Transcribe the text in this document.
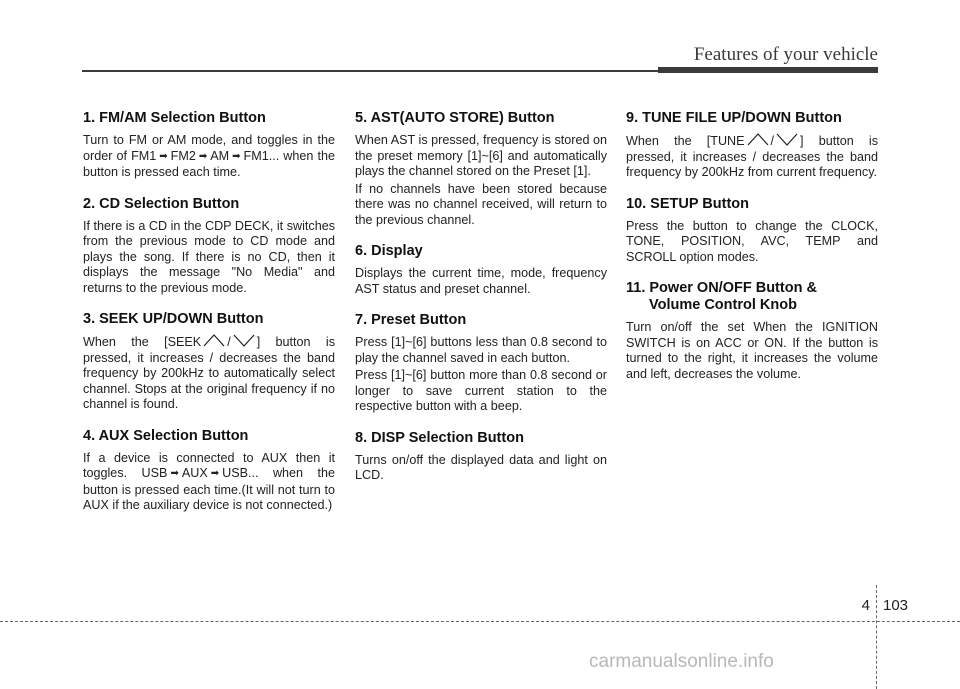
Features of your vehicle
1. FM/AM Selection Button

Turn to FM or AM mode, and toggles in the order of FM1 ➡ FM2 ➡ AM ➡ FM1... when the button is pressed each time.

2. CD Selection Button

If there is a CD in the CDP DECK, it switches from the previous mode to CD mode and plays the song. If there is no CD, then it displays the message "No Media" and returns to the previous mode.

3. SEEK UP/DOWN Button

When the [SEEK / ] button is pressed, it increases / decreases the band frequency by 200kHz to automatically select channel. Stops at the original frequency if no channel is found.

4. AUX Selection Button

If a device is connected to AUX then it toggles. USB ➡ AUX ➡ USB... when the button is pressed each time.(It will not turn to AUX if the auxiliary device is not connected.)

5. AST(AUTO STORE) Button

When AST is pressed, frequency is stored on the preset memory [1]~[6] and automatically plays the channel stored on the Preset [1].

If no channels have been stored because there was no channel received, will return to the previous channel.

6. Display

Displays the current time, mode, frequency AST status and preset channel.

7. Preset Button

Press [1]~[6] buttons less than 0.8 second to play the channel saved in each button.

Press [1]~[6] button more than 0.8 second or longer to save current station to the respective button with a beep.

8. DISP Selection Button

Turns on/off the displayed data and light on LCD.

9. TUNE FILE UP/DOWN Button

When the [TUNE / ] button is pressed, it increases / decreases the band frequency by 200kHz from current frequency.

10. SETUP Button

Press the button to change the CLOCK, TONE, POSITION, AVC, TEMP and SCROLL option modes.

11. Power ON/OFF Button &
Volume Control Knob

Turn on/off the set When the IGNITION SWITCH is on ACC or ON. If the button is turned to the right, it increases the volume and left, decreases the volume.

4 103
carmanualsonline.info
